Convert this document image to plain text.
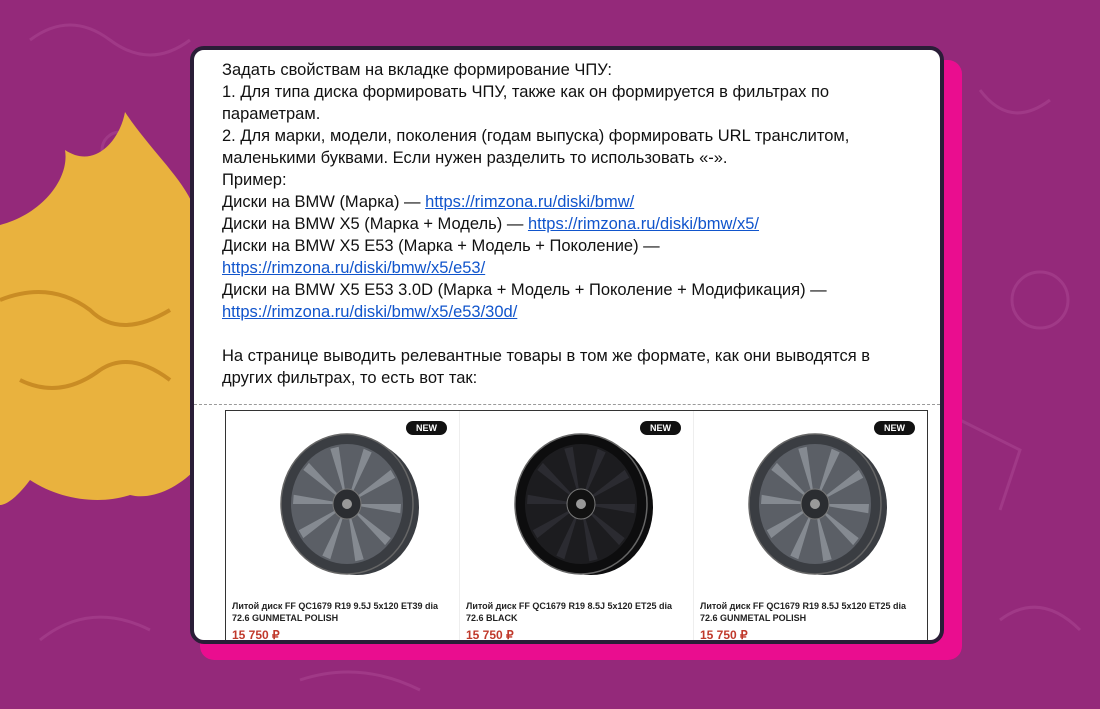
Задать свойствам на вкладке формирование ЧПУ:

1. Для типа диска формировать ЧПУ, также как он формируется в фильтрах по параметрам.

2. Для марки, модели, поколения (годам выпуска) формировать URL транслитом, маленькими буквами. Если нужен разделить то использовать «-».

Пример:

Диски на BMW (Марка) — https://rimzona.ru/diski/bmw/

Диски на BMW X5 (Марка + Модель) — https://rimzona.ru/diski/bmw/x5/

Диски на BMW X5 E53 (Марка + Модель + Поколение) — https://rimzona.ru/diski/bmw/x5/e53/

Диски на BMW X5 E53 3.0D (Марка + Модель + Поколение + Модификация) — https://rimzona.ru/diski/bmw/x5/e53/30d/

На странице выводить релевантные товары в том же формате, как они выводятся в других фильтрах, то есть вот так:

NEW
Литой диск FF QC1679 R19 9.5J 5x120 ET39 dia 72.6 GUNMETAL POLISH
15 750 ₽
NEW
Литой диск FF QC1679 R19 8.5J 5x120 ET25 dia 72.6 BLACK
15 750 ₽
NEW
Литой диск FF QC1679 R19 8.5J 5x120 ET25 dia 72.6 GUNMETAL POLISH
15 750 ₽
